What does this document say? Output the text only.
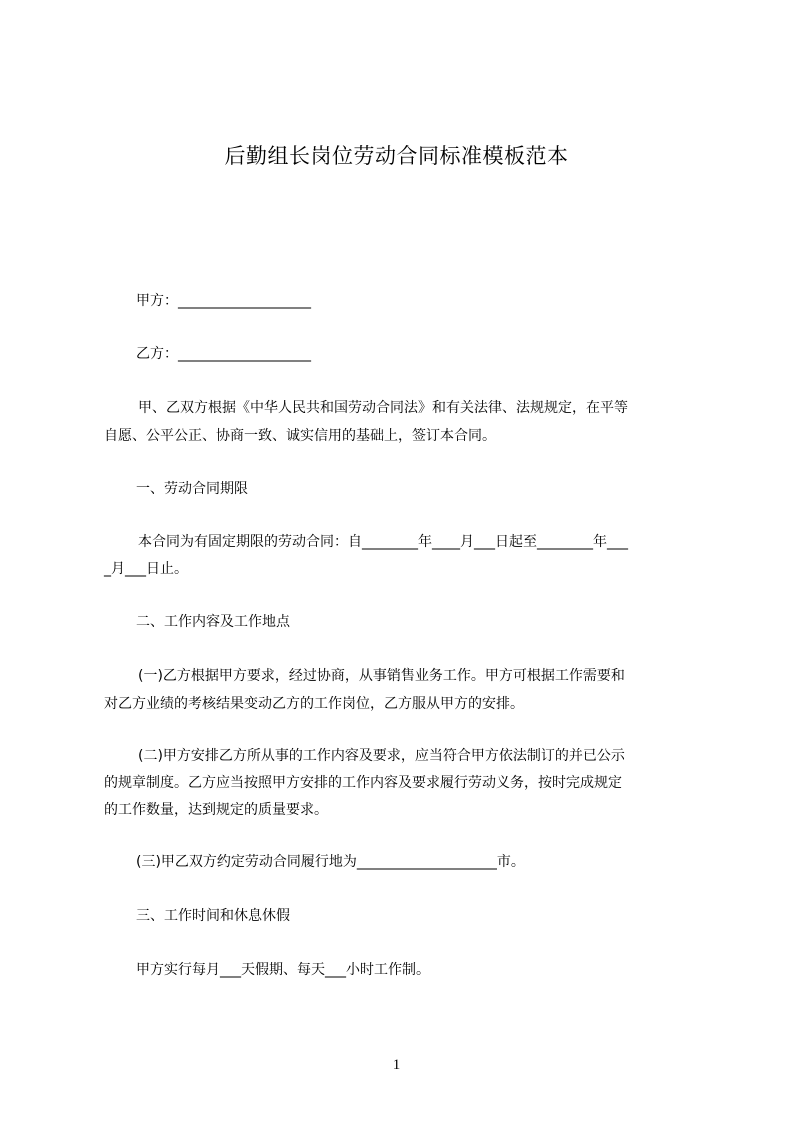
后勤组长岗位劳动合同标准模板范本
甲方：___________________
乙方：___________________
甲、乙双方根据《中华人民共和国劳动合同法》和有关法律、法规规定，在平等
自愿、公平公正、协商一致、诚实信用的基础上，签订本合同。
一、劳动合同期限
本合同为有固定期限的劳动合同：自________年____月___日起至________年___
_月___日止。
二、工作内容及工作地点
(一)乙方根据甲方要求，经过协商，从事销售业务工作。甲方可根据工作需要和
对乙方业绩的考核结果变动乙方的工作岗位，乙方服从甲方的安排。
(二)甲方安排乙方所从事的工作内容及要求，应当符合甲方依法制订的并已公示
的规章制度。乙方应当按照甲方安排的工作内容及要求履行劳动义务，按时完成规定
的工作数量，达到规定的质量要求。
(三)甲乙双方约定劳动合同履行地为____________________市。
三、工作时间和休息休假
甲方实行每月___天假期、每天___小时工作制。
1
